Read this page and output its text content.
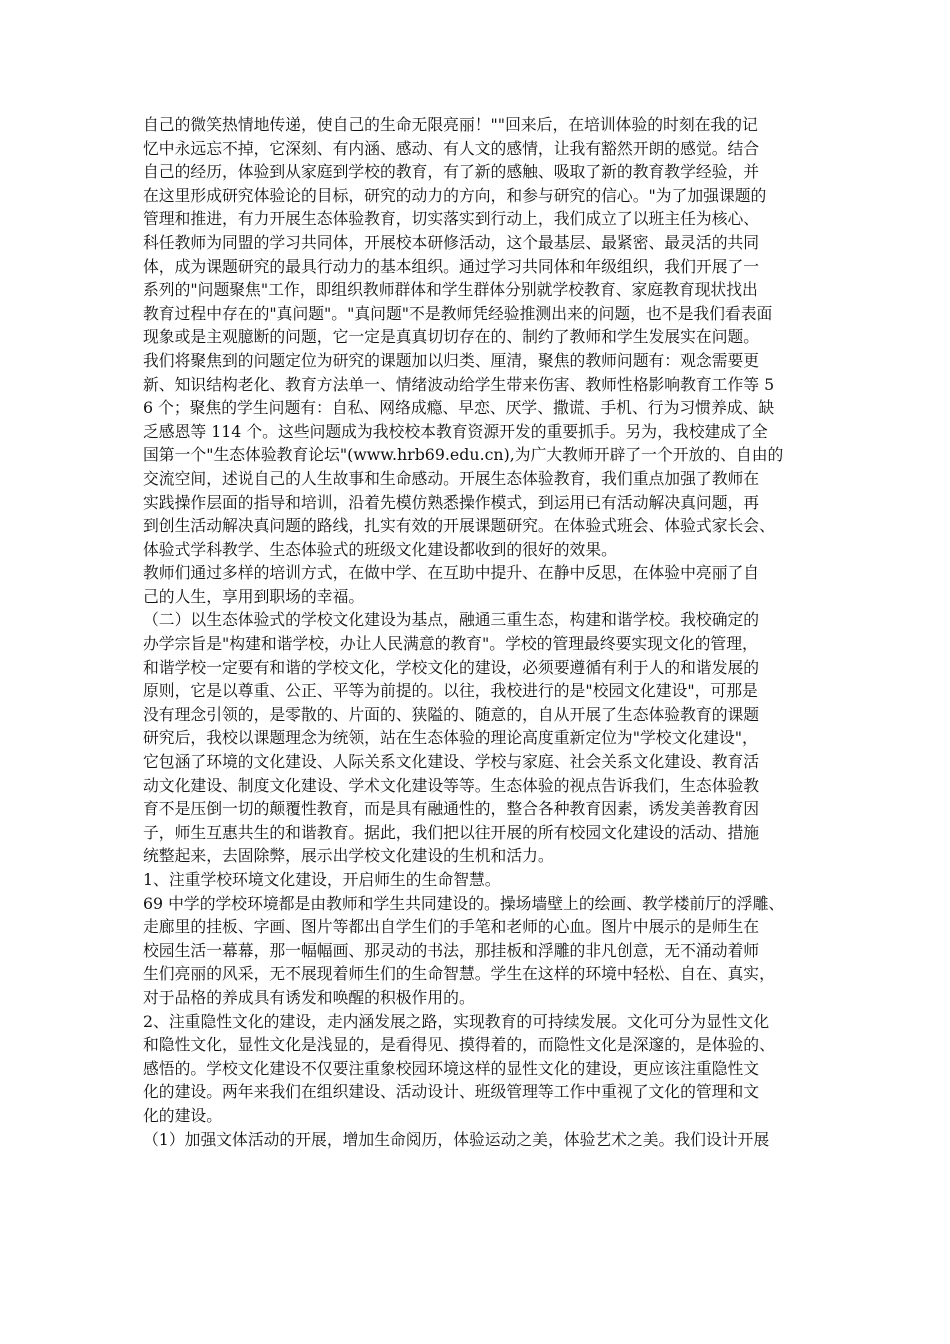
自己的微笑热情地传递，使自己的生命无限亮丽！""回来后，在培训体验的时刻在我的记
忆中永远忘不掉，它深刻、有内涵、感动、有人文的感情，让我有豁然开朗的感觉。结合
自己的经历，体验到从家庭到学校的教育，有了新的感触、吸取了新的教育教学经验，并
在这里形成研究体验论的目标，研究的动力的方向，和参与研究的信心。"为了加强课题的
管理和推进，有力开展生态体验教育，切实落实到行动上，我们成立了以班主任为核心、
科任教师为同盟的学习共同体，开展校本研修活动，这个最基层、最紧密、最灵活的共同
体，成为课题研究的最具行动力的基本组织。通过学习共同体和年级组织，我们开展了一
系列的"问题聚焦"工作，即组织教师群体和学生群体分别就学校教育、家庭教育现状找出
教育过程中存在的"真问题"。"真问题"不是教师凭经验推测出来的问题，也不是我们看表面
现象或是主观臆断的问题，它一定是真真切切存在的、制约了教师和学生发展实在问题。
我们将聚焦到的问题定位为研究的课题加以归类、厘清，聚焦的教师问题有：观念需要更
新、知识结构老化、教育方法单一、情绪波动给学生带来伤害、教师性格影响教育工作等 5
6 个；聚焦的学生问题有：自私、网络成瘾、早恋、厌学、撒谎、手机、行为习惯养成、缺
乏感恩等 114 个。这些问题成为我校校本教育资源开发的重要抓手。另为，我校建成了全
国第一个"生态体验教育论坛"(www.hrb69.edu.cn),为广大教师开辟了一个开放的、自由的
交流空间，述说自己的人生故事和生命感动。开展生态体验教育，我们重点加强了教师在
实践操作层面的指导和培训，沿着先模仿熟悉操作模式，到运用已有活动解决真问题，再
到创生活动解决真问题的路线，扎实有效的开展课题研究。在体验式班会、体验式家长会、
体验式学科教学、生态体验式的班级文化建设都收到的很好的效果。
教师们通过多样的培训方式，在做中学、在互助中提升、在静中反思，在体验中亮丽了自
己的人生，享用到职场的幸福。
（二）以生态体验式的学校文化建设为基点，融通三重生态，构建和谐学校。我校确定的
办学宗旨是"构建和谐学校，办让人民满意的教育"。学校的管理最终要实现文化的管理，
和谐学校一定要有和谐的学校文化，学校文化的建设，必须要遵循有利于人的和谐发展的
原则，它是以尊重、公正、平等为前提的。以往，我校进行的是"校园文化建设"，可那是
没有理念引领的，是零散的、片面的、狭隘的、随意的，自从开展了生态体验教育的课题
研究后，我校以课题理念为统领，站在生态体验的理论高度重新定位为"学校文化建设"，
它包涵了环境的文化建设、人际关系文化建设、学校与家庭、社会关系文化建设、教育活
动文化建设、制度文化建设、学术文化建设等等。生态体验的视点告诉我们，生态体验教
育不是压倒一切的颠覆性教育，而是具有融通性的，整合各种教育因素，诱发美善教育因
子，师生互惠共生的和谐教育。据此，我们把以往开展的所有校园文化建设的活动、措施
统整起来，去固除弊，展示出学校文化建设的生机和活力。
1、注重学校环境文化建设，开启师生的生命智慧。
69 中学的学校环境都是由教师和学生共同建设的。操场墙壁上的绘画、教学楼前厅的浮雕、
走廊里的挂板、字画、图片等都出自学生们的手笔和老师的心血。图片中展示的是师生在
校园生活一幕幕，那一幅幅画、那灵动的书法，那挂板和浮雕的非凡创意，无不涌动着师
生们亮丽的风采，无不展现着师生们的生命智慧。学生在这样的环境中轻松、自在、真实，
对于品格的养成具有诱发和唤醒的积极作用的。
2、注重隐性文化的建设，走内涵发展之路，实现教育的可持续发展。文化可分为显性文化
和隐性文化，显性文化是浅显的，是看得见、摸得着的，而隐性文化是深邃的，是体验的、
感悟的。学校文化建设不仅要注重象校园环境这样的显性文化的建设，更应该注重隐性文
化的建设。两年来我们在组织建设、活动设计、班级管理等工作中重视了文化的管理和文
化的建设。
（1）加强文体活动的开展，增加生命阅历，体验运动之美，体验艺术之美。我们设计开展
